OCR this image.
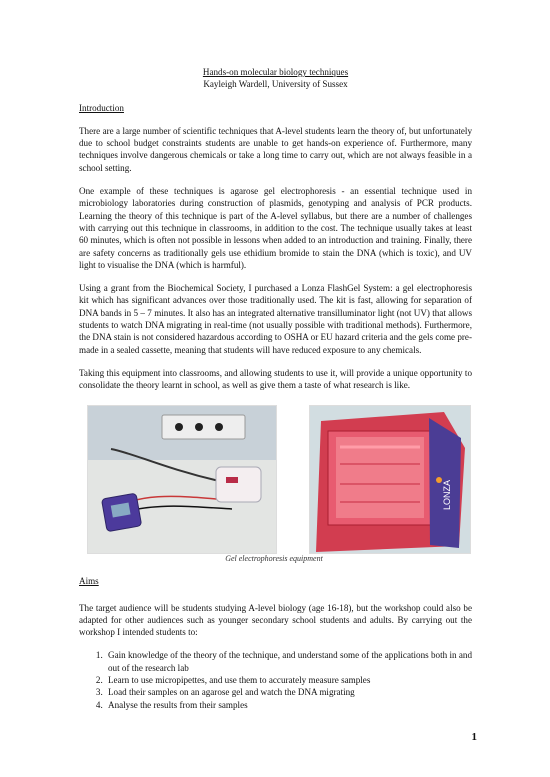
Hands-on molecular biology techniques
Kayleigh Wardell, University of Sussex
Introduction

There are a large number of scientific techniques that A-level students learn the theory of, but unfortunately due to school budget constraints students are unable to get hands-on experience of. Furthermore, many techniques involve dangerous chemicals or take a long time to carry out, which are not always feasible in a school setting.

One example of these techniques is agarose gel electrophoresis - an essential technique used in microbiology laboratories during construction of plasmids, genotyping and analysis of PCR products. Learning the theory of this technique is part of the A-level syllabus, but there are a number of challenges with carrying out this technique in classrooms, in addition to the cost. The technique usually takes at least 60 minutes, which is often not possible in lessons when added to an introduction and training. Finally, there are safety concerns as traditionally gels use ethidium bromide to stain the DNA (which is toxic), and UV light to visualise the DNA (which is harmful).

Using a grant from the Biochemical Society, I purchased a Lonza FlashGel System: a gel electrophoresis kit which has significant advances over those traditionally used. The kit is fast, allowing for separation of DNA bands in 5 – 7 minutes. It also has an integrated alternative transilluminator light (not UV) that allows students to watch DNA migrating in real-time (not usually possible with traditional methods). Furthermore, the DNA stain is not considered hazardous according to OSHA or EU hazard criteria and the gels come pre-made in a sealed cassette, meaning that students will have reduced exposure to any chemicals.

Taking this equipment into classrooms, and allowing students to use it, will provide a unique opportunity to consolidate the theory learnt in school, as well as give them a taste of what research is like.

LONZA
Gel electrophoresis equipment
Aims

The target audience will be students studying A-level biology (age 16-18), but the workshop could also be adapted for other audiences such as younger secondary school students and adults. By carrying out the workshop I intended students to:

1. Gain knowledge of the theory of the technique, and understand some of the applications both in and out of the research lab
2. Learn to use micropipettes, and use them to accurately measure samples
3. Load their samples on an agarose gel and watch the DNA migrating
4. Analyse the results from their samples
1
